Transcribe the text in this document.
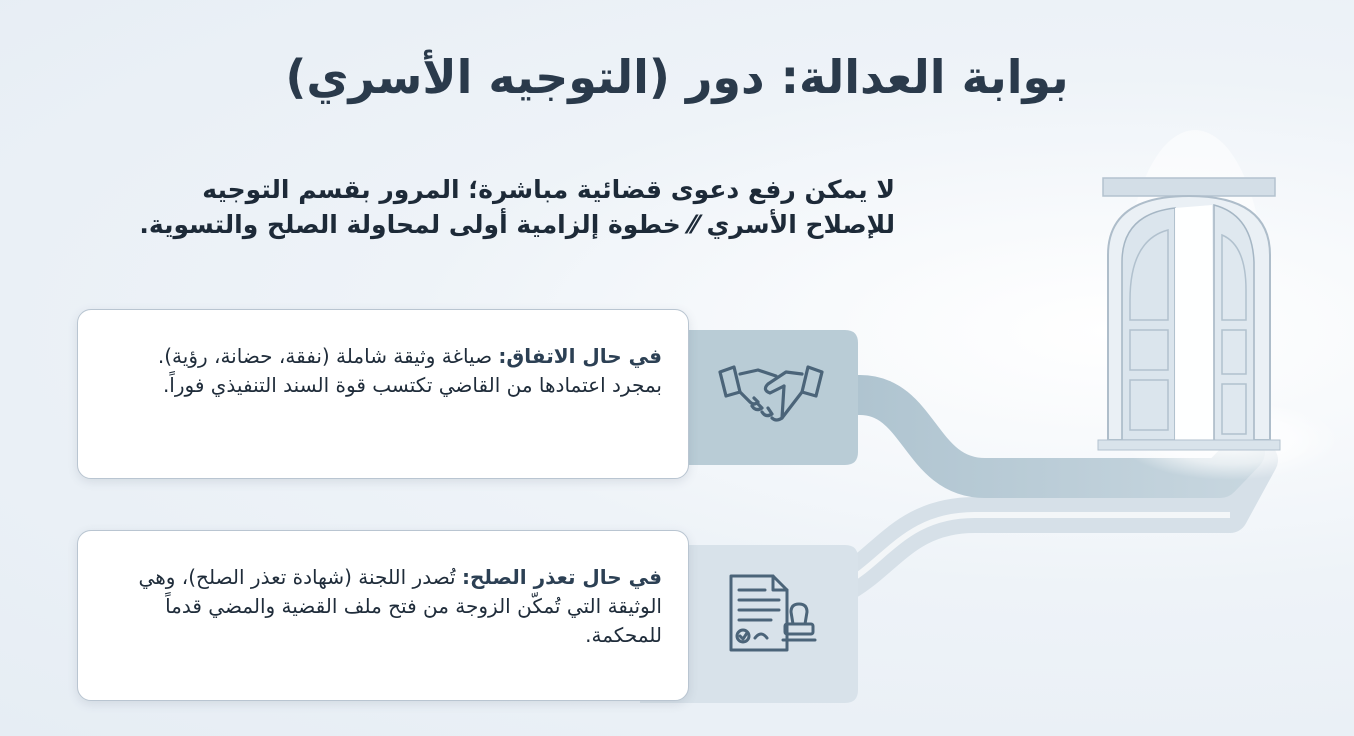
بوابة العدالة: دور (التوجيه الأسري)

لا يمكن رفع دعوى قضائية مباشرة؛ المرور بقسم التوجيه للإصلاح الأسري ⁄⁄ خطوة إلزامية أولى لمحاولة الصلح والتسوية.

في حال الاتفاق: صياغة وثيقة شاملة (نفقة، حضانة، رؤية). بمجرد اعتمادها من القاضي تكتسب قوة السند التنفيذي فوراً.
في حال تعذر الصلح: تُصدر اللجنة (شهادة تعذر الصلح)، وهي الوثيقة التي تُمكّن الزوجة من فتح ملف القضية والمضي قدماً للمحكمة.
